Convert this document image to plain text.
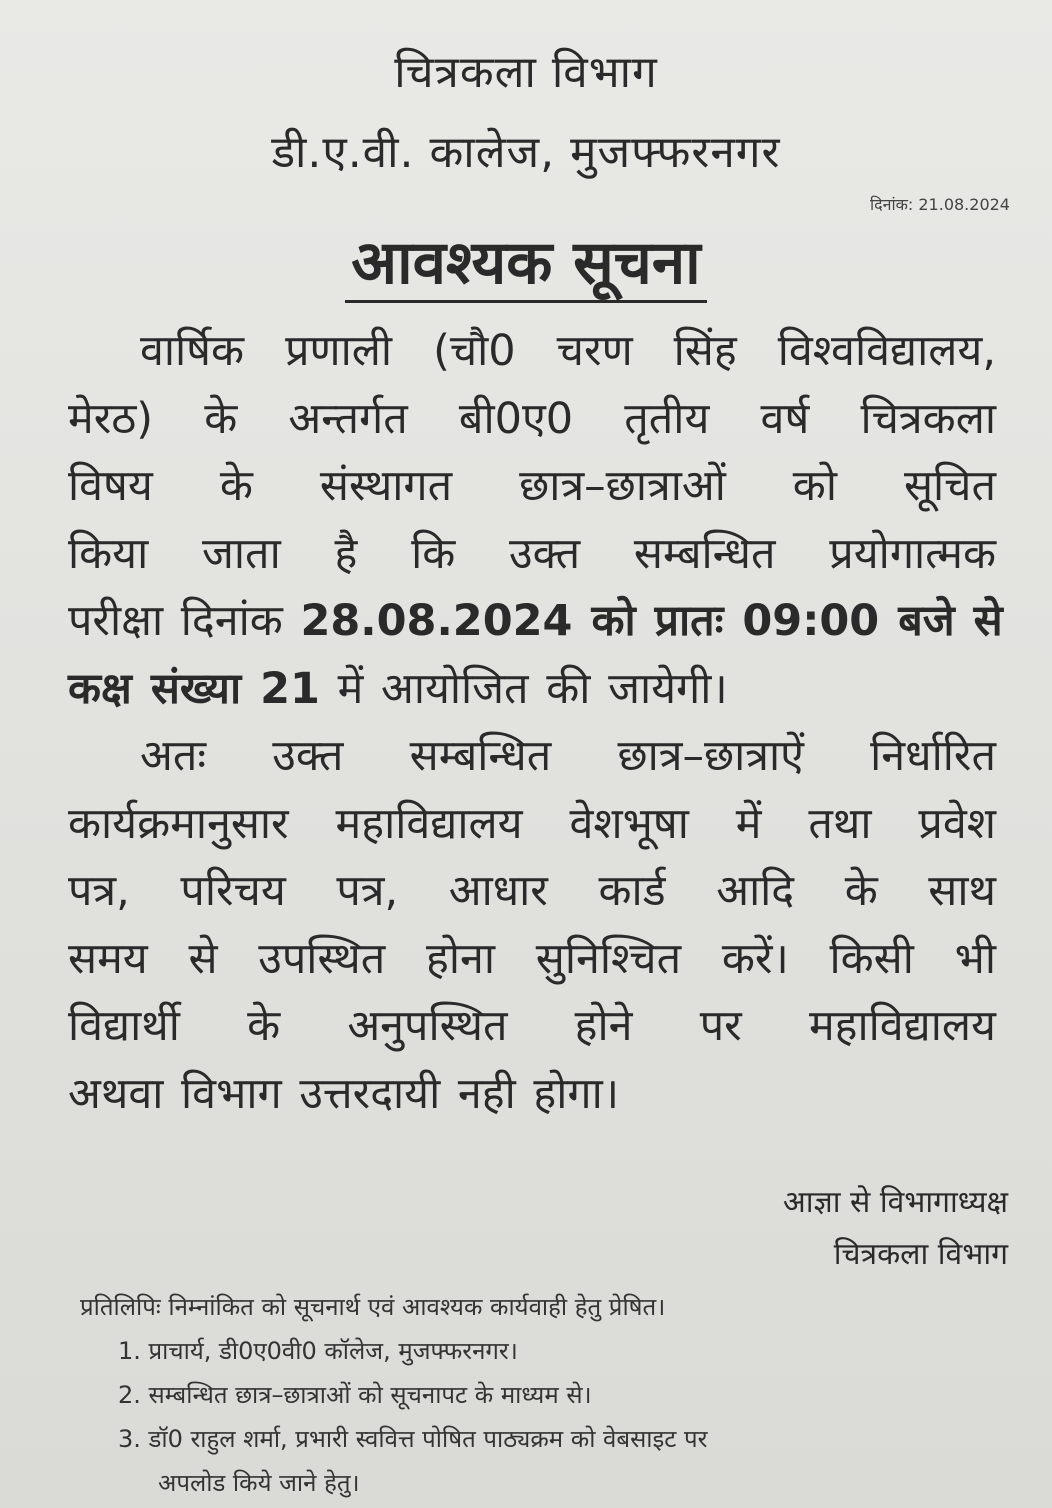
चित्रकला विभाग
डी.ए.वी. कालेज, मुजफ्फरनगर
दिनांक: 21.08.2024
आवश्यक सूचना
वार्षिक प्रणाली (चौ0 चरण सिंह विश्वविद्यालय,
मेरठ) के अन्तर्गत बी0ए0 तृतीय वर्ष चित्रकला
विषय के संस्थागत छात्र–छात्राओं को सूचित
किया जाता है कि उक्त सम्बन्धित प्रयोगात्मक
परीक्षा दिनांक 28.08.2024 को प्रातः 09:00 बजे से
कक्ष संख्या 21 में आयोजित की जायेगी।
अतः उक्त सम्बन्धित छात्र–छात्राऐं निर्धारित
कार्यक्रमानुसार महाविद्यालय वेशभूषा में तथा प्रवेश
पत्र, परिचय पत्र, आधार कार्ड आदि के साथ
समय से उपस्थित होना सुनिश्चित करें। किसी भी
विद्यार्थी के अनुपस्थित होने पर महाविद्यालय
अथवा विभाग उत्तरदायी नही होगा।
आज्ञा से विभागाध्यक्ष
चित्रकला विभाग
प्रतिलिपिः निम्नांकित को सूचनार्थ एवं आवश्यक कार्यवाही हेतु प्रेषित।
1. प्राचार्य, डी0ए0वी0 कॉलेज, मुजफ्फरनगर।
2. सम्बन्धित छात्र–छात्राओं को सूचनापट के माध्यम से।
3. डॉ0 राहुल शर्मा, प्रभारी स्ववित्त पोषित पाठ्यक्रम को वेबसाइट पर
अपलोड किये जाने हेतु।
